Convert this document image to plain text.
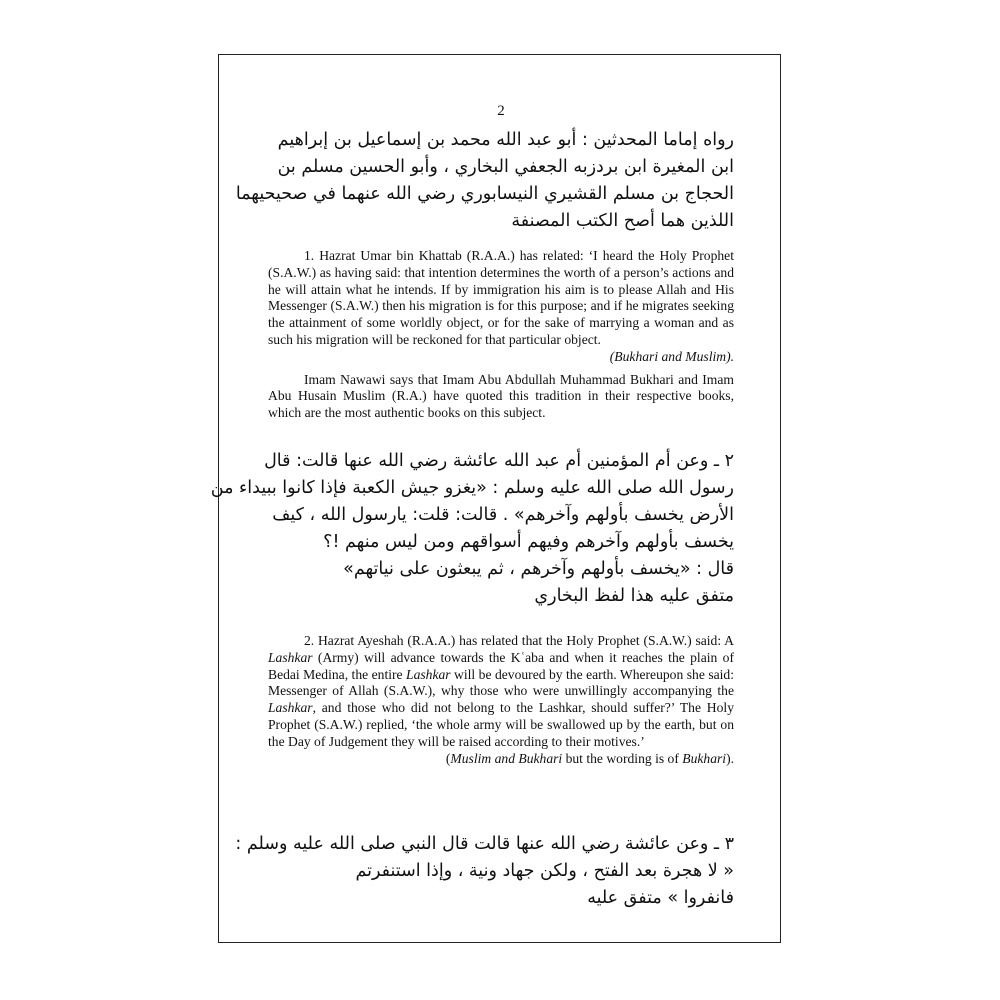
2
رواه إماما المحدثين : أبو عبد الله محمد بن إسماعيل بن إبراهيم
ابن المغيرة ابن بردزبه الجعفي البخاري ، وأبو الحسين مسلم بن
الحجاج بن مسلم القشيري النيسابوري رضي الله عنهما في صحيحيهما
اللذين هما أصح الكتب المصنفة

1. Hazrat Umar bin Khattab (R.A.A.) has related: ‘I heard the Holy Prophet (S.A.W.) as having said: that intention determines the worth of a person’s actions and he will attain what he intends. If by immigration his aim is to please Allah and His Messenger (S.A.W.) then his migration is for this purpose; and if he migrates seeking the attainment of some worldly object, or for the sake of marrying a woman and as such his migration will be reckoned for that particular object.

(Bukhari and Muslim).

Imam Nawawi says that Imam Abu Abdullah Muhammad Bukhari and Imam Abu Husain Muslim (R.A.) have quoted this tradition in their respective books, which are the most authentic books on this subject.

٢ ـ وعن أم المؤمنين أم عبد الله عائشة رضي الله عنها قالت: قال
رسول الله صلى الله عليه وسلم : «يغزو جيش الكعبة فإذا كانوا ببيداء من
الأرض يخسف بأولهم وآخرهم» . قالت: قلت: يارسول الله ، كيف
يخسف بأولهم وآخرهم وفيهم أسواقهم ومن ليس منهم !؟
قال : «يخسف بأولهم وآخرهم ، ثم يبعثون على نياتهم»
متفق عليه هذا لفظ البخاري

2. Hazrat Ayeshah (R.A.A.) has related that the Holy Prophet (S.A.W.) said: A Lashkar (Army) will advance towards the Kʿaba and when it reaches the plain of Bedai Medina, the entire Lashkar will be devoured by the earth. Whereupon she said: Messenger of Allah (S.A.W.), why those who were unwillingly accompanying the Lashkar, and those who did not belong to the Lashkar, should suffer?’ The Holy Prophet (S.A.W.) replied, ‘the whole army will be swallowed up by the earth, but on the Day of Judgement they will be raised according to their motives.’

(Muslim and Bukhari but the wording is of Bukhari).

٣ ـ وعن عائشة رضي الله عنها قالت قال النبي صلى الله عليه وسلم :
« لا هجرة بعد الفتح ، ولكن جهاد ونية ، وإذا استنفرتم
فانفروا » متفق عليه
